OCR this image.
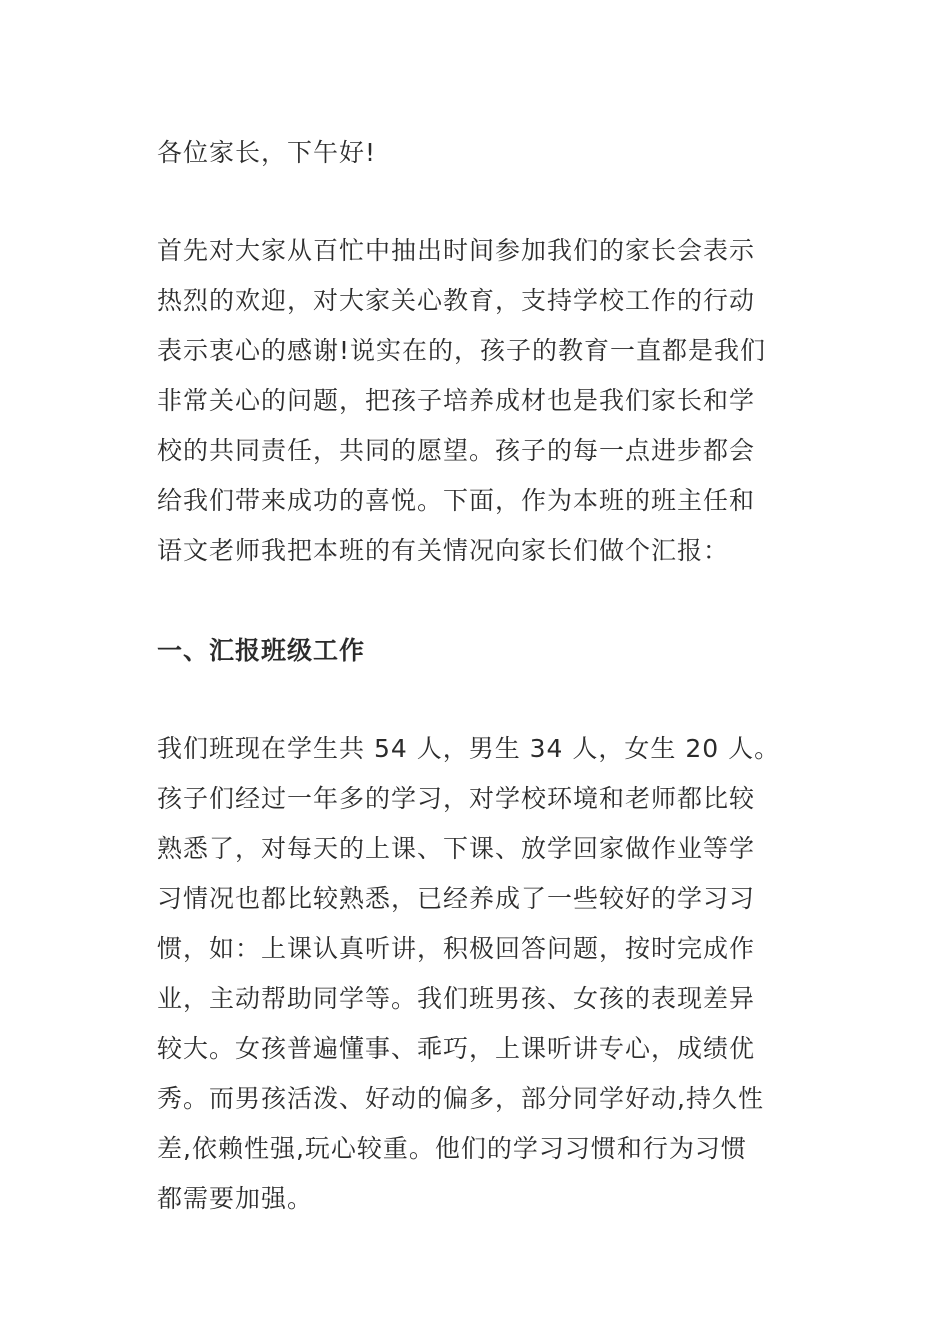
各位家长，下午好!

首先对大家从百忙中抽出时间参加我们的家长会表示
热烈的欢迎，对大家关心教育，支持学校工作的行动
表示衷心的感谢!说实在的，孩子的教育一直都是我们
非常关心的问题，把孩子培养成材也是我们家长和学
校的共同责任，共同的愿望。孩子的每一点进步都会
给我们带来成功的喜悦。下面，作为本班的班主任和
语文老师我把本班的有关情况向家长们做个汇报：
一、汇报班级工作
我们班现在学生共 54 人，男生 34 人，女生 20 人。
孩子们经过一年多的学习，对学校环境和老师都比较
熟悉了，对每天的上课、下课、放学回家做作业等学
习情况也都比较熟悉，已经养成了一些较好的学习习
惯，如：上课认真听讲，积极回答问题，按时完成作
业，主动帮助同学等。我们班男孩、女孩的表现差异
较大。女孩普遍懂事、乖巧，上课听讲专心，成绩优
秀。而男孩活泼、好动的偏多，部分同学好动,持久性
差,依赖性强,玩心较重。他们的学习习惯和行为习惯
都需要加强。
